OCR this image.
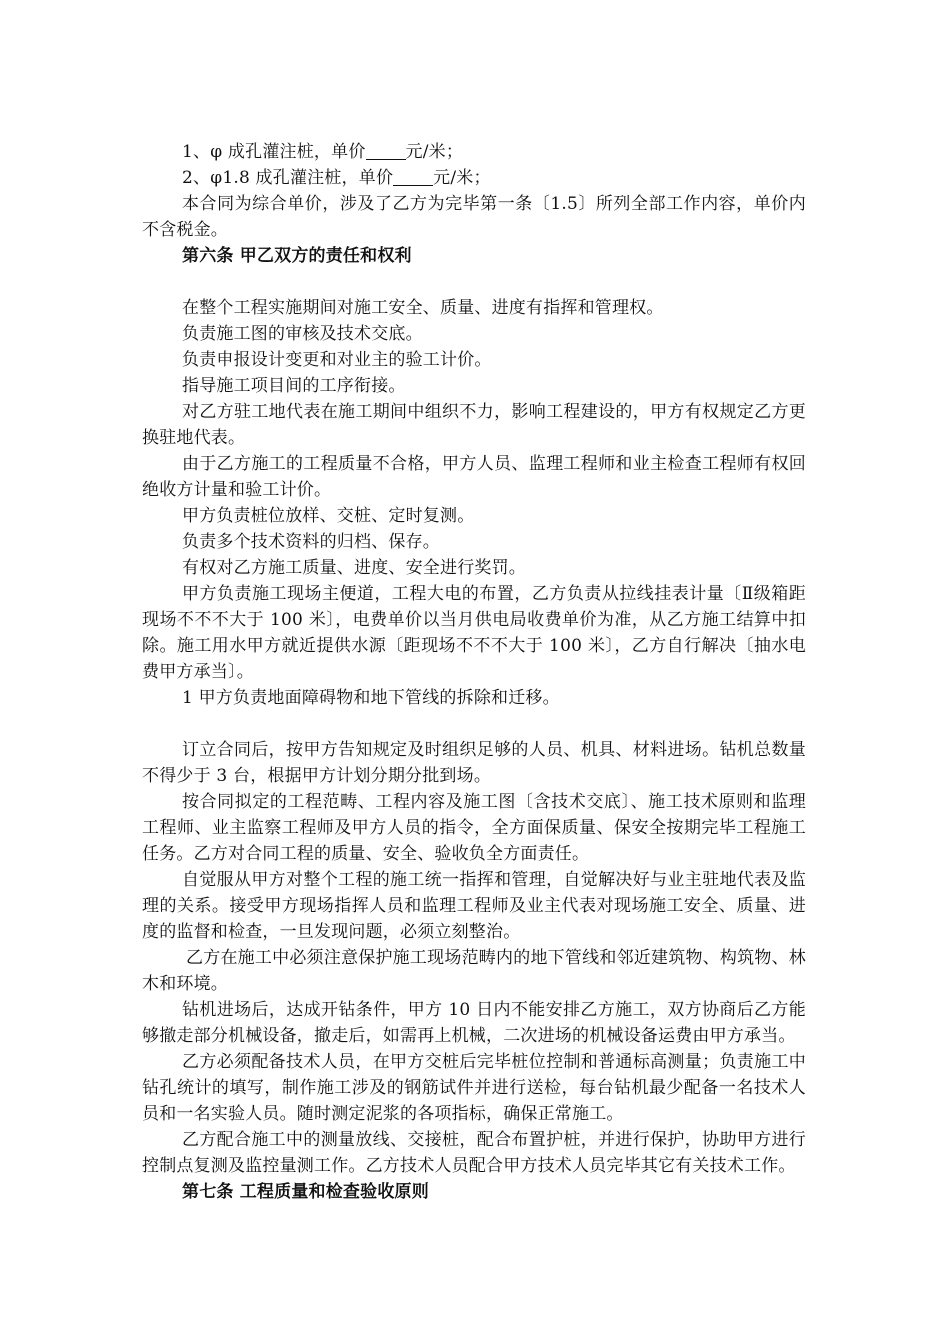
1、φ 成孔灌注桩，单价 元/米；

2、φ1.8 成孔灌注桩，单价 元/米；

本合同为综合单价，涉及了乙方为完毕第一条〔1.5〕所列全部工作内容，单价内不含税金。

第六条 甲乙双方的责任和权利

在整个工程实施期间对施工安全、质量、进度有指挥和管理权。

负责施工图的审核及技术交底。

负责申报设计变更和对业主的验工计价。

指导施工项目间的工序衔接。

对乙方驻工地代表在施工期间中组织不力，影响工程建设的，甲方有权规定乙方更换驻地代表。

由于乙方施工的工程质量不合格，甲方人员、监理工程师和业主检查工程师有权回绝收方计量和验工计价。

甲方负责桩位放样、交桩、定时复测。

负责多个技术资料的归档、保存。

有权对乙方施工质量、进度、安全进行奖罚。

甲方负责施工现场主便道，工程大电的布置，乙方负责从拉线挂表计量〔Ⅱ级箱距现场不不不大于 100 米〕，电费单价以当月供电局收费单价为准，从乙方施工结算中扣除。施工用水甲方就近提供水源〔距现场不不不大于 100 米〕，乙方自行解决〔抽水电费甲方承当〕。

1 甲方负责地面障碍物和地下管线的拆除和迁移。

订立合同后，按甲方告知规定及时组织足够的人员、机具、材料进场。钻机总数量不得少于 3 台，根据甲方计划分期分批到场。

按合同拟定的工程范畴、工程内容及施工图〔含技术交底〕、施工技术原则和监理工程师、业主监察工程师及甲方人员的指令，全方面保质量、保安全按期完毕工程施工任务。乙方对合同工程的质量、安全、验收负全方面责任。

自觉服从甲方对整个工程的施工统一指挥和管理，自觉解决好与业主驻地代表及监理的关系。接受甲方现场指挥人员和监理工程师及业主代表对现场施工安全、质量、进度的监督和检查，一旦发现问题，必须立刻整治。

乙方在施工中必须注意保护施工现场范畴内的地下管线和邻近建筑物、构筑物、林木和环境。

钻机进场后，达成开钻条件，甲方 10 日内不能安排乙方施工，双方协商后乙方能够撤走部分机械设备，撤走后，如需再上机械，二次进场的机械设备运费由甲方承当。

乙方必须配备技术人员，在甲方交桩后完毕桩位控制和普通标高测量；负责施工中钻孔统计的填写，制作施工涉及的钢筋试件并进行送检，每台钻机最少配备一名技术人员和一名实验人员。随时测定泥浆的各项指标，确保正常施工。

乙方配合施工中的测量放线、交接桩，配合布置护桩，并进行保护，协助甲方进行控制点复测及监控量测工作。乙方技术人员配合甲方技术人员完毕其它有关技术工作。

第七条 工程质量和检查验收原则
